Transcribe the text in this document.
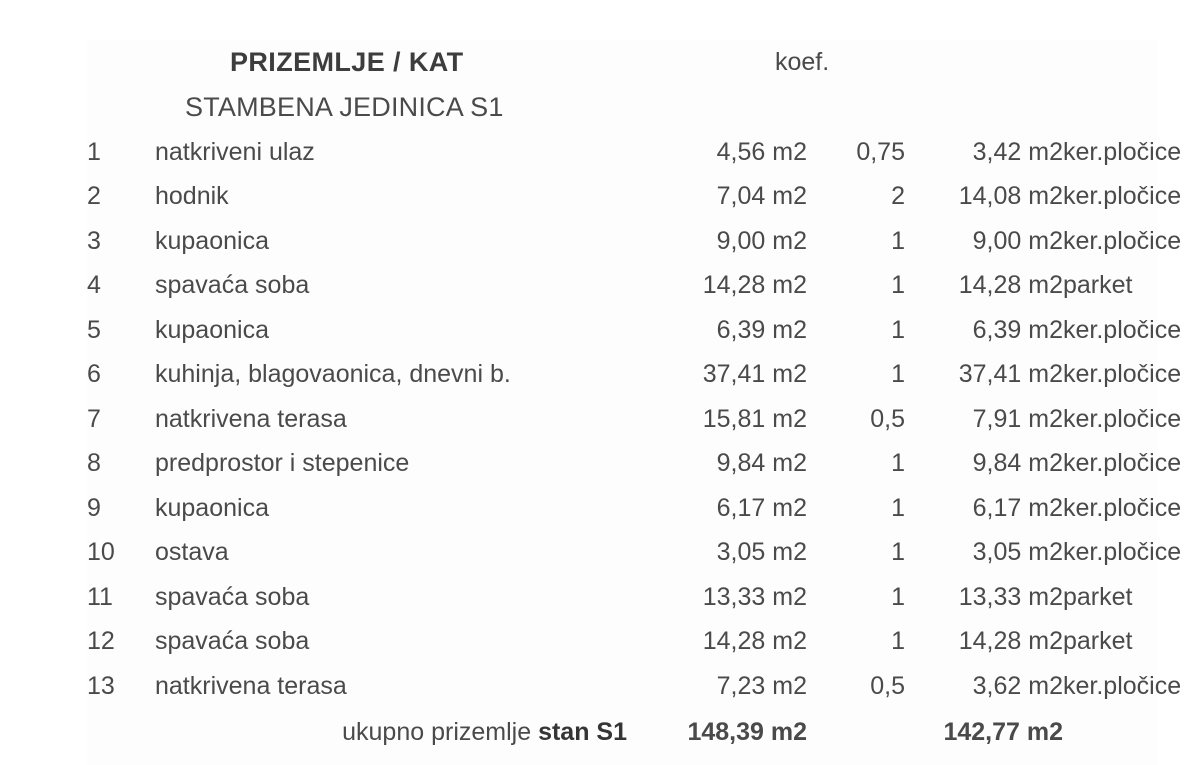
PRIZEMLJE / KAT koef.					

STAMBENA JEDINICA S1					

1	natkriveni ulaz	4,56 m2	0,75	3,42 m2	ker.pločice
2	hodnik	7,04 m2	2	14,08 m2	ker.pločice
3	kupaonica	9,00 m2	1	9,00 m2	ker.pločice
4	spavaća soba	14,28 m2	1	14,28 m2	parket
5	kupaonica	6,39 m2	1	6,39 m2	ker.pločice
6	kuhinja, blagovaonica, dnevni b.	37,41 m2	1	37,41 m2	ker.pločice
7	natkrivena terasa	15,81 m2	0,5	7,91 m2	ker.pločice
8	predprostor i stepenice	9,84 m2	1	9,84 m2	ker.pločice
9	kupaonica	6,17 m2	1	6,17 m2	ker.pločice
10	ostava	3,05 m2	1	3,05 m2	ker.pločice
11	spavaća soba	13,33 m2	1	13,33 m2	parket
12	spavaća soba	14,28 m2	1	14,28 m2	parket
13	natkrivena terasa	7,23 m2	0,5	3,62 m2	ker.pločice
	ukupno prizemlje stan S1	148,39 m2		142,77 m2	
